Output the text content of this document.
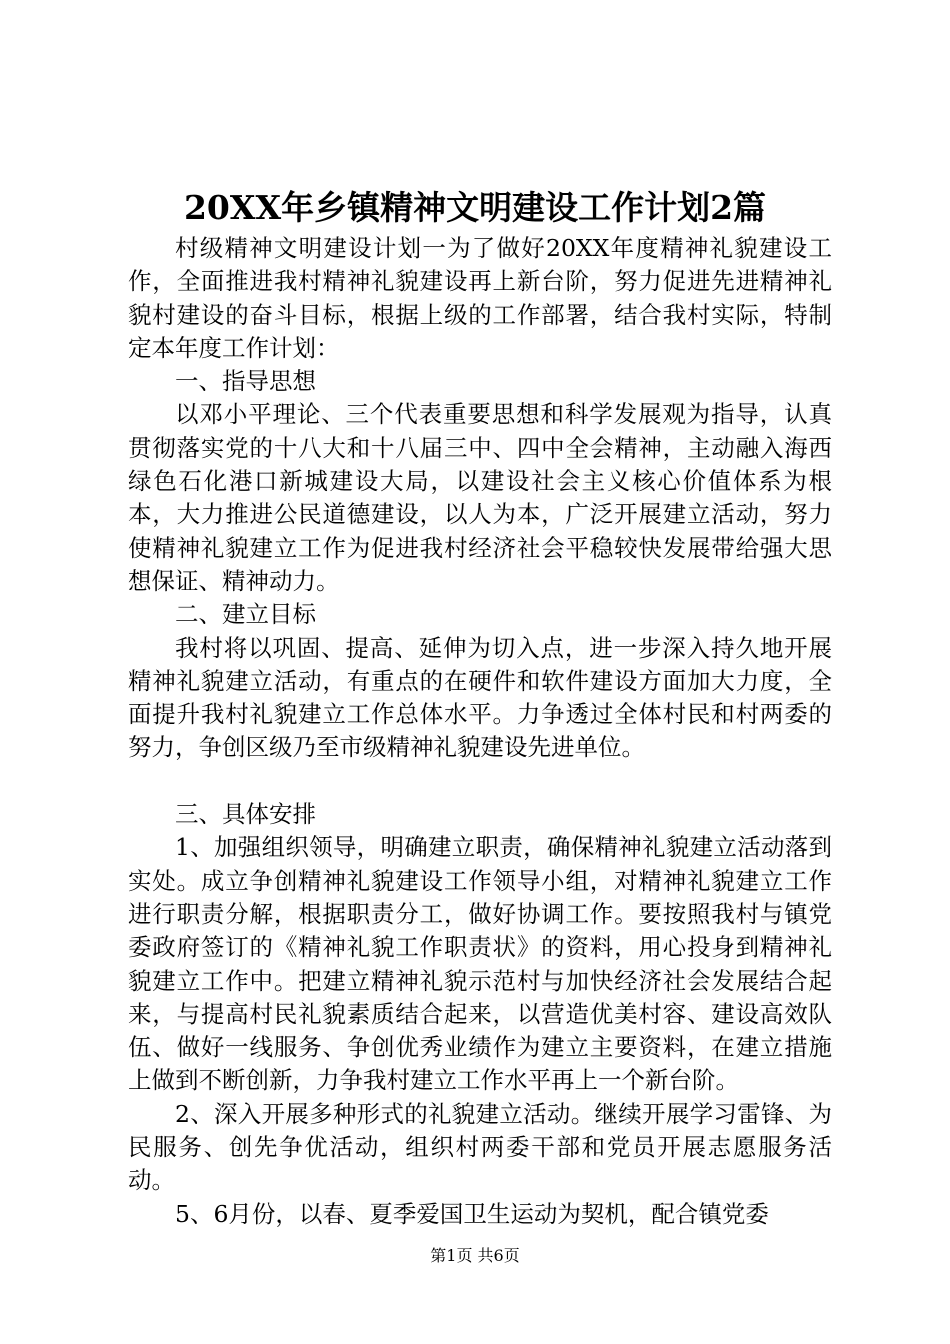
20XX年乡镇精神文明建设工作计划2篇

村级精神文明建设计划一为了做好20XX年度精神礼貌建设工作，全面推进我村精神礼貌建设再上新台阶，努力促进先进精神礼貌村建设的奋斗目标，根据上级的工作部署，结合我村实际，特制定本年度工作计划：

一、指导思想

以邓小平理论、三个代表重要思想和科学发展观为指导，认真贯彻落实党的十八大和十八届三中、四中全会精神，主动融入海西绿色石化港口新城建设大局，以建设社会主义核心价值体系为根本，大力推进公民道德建设，以人为本，广泛开展建立活动，努力使精神礼貌建立工作为促进我村经济社会平稳较快发展带给强大思想保证、精神动力。

二、建立目标

我村将以巩固、提高、延伸为切入点，进一步深入持久地开展精神礼貌建立活动，有重点的在硬件和软件建设方面加大力度，全面提升我村礼貌建立工作总体水平。力争透过全体村民和村两委的努力，争创区级乃至市级精神礼貌建设先进单位。

三、具体安排

1、加强组织领导，明确建立职责，确保精神礼貌建立活动落到实处。成立争创精神礼貌建设工作领导小组，对精神礼貌建立工作进行职责分解，根据职责分工，做好协调工作。要按照我村与镇党委政府签订的《精神礼貌工作职责状》的资料，用心投身到精神礼貌建立工作中。把建立精神礼貌示范村与加快经济社会发展结合起来，与提高村民礼貌素质结合起来，以营造优美村容、建设高效队伍、做好一线服务、争创优秀业绩作为建立主要资料，在建立措施上做到不断创新，力争我村建立工作水平再上一个新台阶。

2、深入开展多种形式的礼貌建立活动。继续开展学习雷锋、为民服务、创先争优活动，组织村两委干部和党员开展志愿服务活动。

5、6月份，以春、夏季爱国卫生运动为契机，配合镇党委

第1页 共6页
